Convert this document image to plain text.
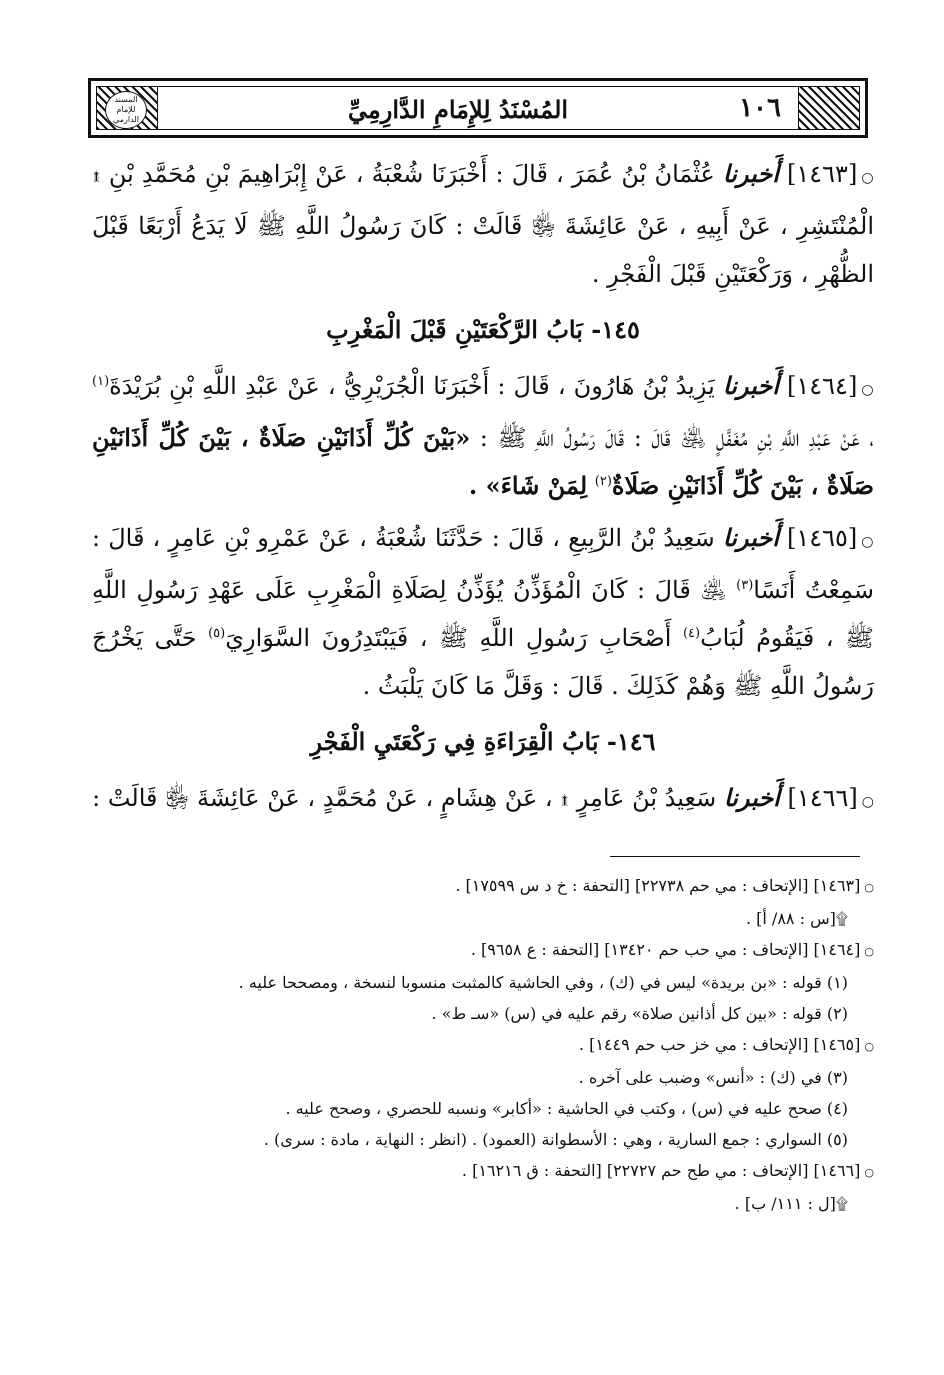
المسند للإمام الدارمي	١٠٦
المُسْنَدُ لِلإِمَامِ الدَّارِمِيِّ

○ [١٤٦٣] أَخبرنا عُثْمَانُ بْنُ عُمَرَ ، قَالَ : أَخْبَرَنَا شُعْبَةُ ، عَنْ إِبْرَاهِيمَ بْنِ مُحَمَّدِ بْنِ ۩ الْمُنْتَشِرِ ، عَنْ أَبِيهِ ، عَنْ عَائِشَةَ ﵂ قَالَتْ : كَانَ رَسُولُ اللَّهِ ﷺ لَا يَدَعُ أَرْبَعًا قَبْلَ الظُّهْرِ ، وَرَكْعَتَيْنِ قَبْلَ الْفَجْرِ .

١٤٥- بَابُ الرَّكْعَتَيْنِ قَبْلَ الْمَغْرِبِ

○ [١٤٦٤] أَخبرنا يَزِيدُ بْنُ هَارُونَ ، قَالَ : أَخْبَرَنَا الْجُرَيْرِيُّ ، عَنْ عَبْدِ اللَّهِ بْنِ بُرَيْدَةَ$^{(١)}$ ، عَنْ عَبْدِ اللَّهِ بْنِ مُغَفَّلٍ ﵁ قَالَ : قَالَ رَسُولُ اللَّهِ ﷺ : «بَيْنَ كُلِّ أَذَانَيْنِ صَلَاةٌ ، بَيْنَ كُلِّ أَذَانَيْنِ صَلَاةٌ ، بَيْنَ كُلِّ أَذَانَيْنِ صَلَاةٌ$^{(٢)}$ لِمَنْ شَاءَ» .

○ [١٤٦٥] أَخبرنا سَعِيدُ بْنُ الرَّبِيعِ ، قَالَ : حَدَّثَنَا شُعْبَةُ ، عَنْ عَمْرِو بْنِ عَامِرٍ ، قَالَ : سَمِعْتُ أَنَسًا$^{(٣)}$ ﵁ قَالَ : كَانَ الْمُؤَذِّنُ يُؤَذِّنُ لِصَلَاةِ الْمَغْرِبِ عَلَى عَهْدِ رَسُولِ اللَّهِ ﷺ ، فَيَقُومُ لُبَابُ$^{(٤)}$ أَصْحَابِ رَسُولِ اللَّهِ ﷺ ، فَيَبْتَدِرُونَ السَّوَارِيَ$^{(٥)}$ حَتَّى يَخْرُجَ رَسُولُ اللَّهِ ﷺ وَهُمْ كَذَلِكَ . قَالَ : وَقَلَّ مَا كَانَ يَلْبَثُ .

١٤٦- بَابُ الْقِرَاءَةِ فِي رَكْعَتَيِ الْفَجْرِ

○ [١٤٦٦] أَخبرنا سَعِيدُ بْنُ عَامِرٍ ۩ ، عَنْ هِشَامٍ ، عَنْ مُحَمَّدٍ ، عَنْ عَائِشَةَ ﵂ قَالَتْ :

○ [١٤٦٣] [الإتحاف : مي حم ٢٢٧٣٨] [التحفة : خ د س ١٧٥٩٩] .

۩[س : ٨٨/ أ] .

○ [١٤٦٤] [الإتحاف : مي حب حم ١٣٤٢٠] [التحفة : ع ٩٦٥٨] .

(١) قوله : «بن بريدة» ليس في (ك) ، وفي الحاشية كالمثبت منسوبا لنسخة ، ومصححا عليه .

(٢) قوله : «بين كل أذانين صلاة» رقم عليه في (س) «سـ ط» .

○ [١٤٦٥] [الإتحاف : مي خز حب حم ١٤٤٩] .

(٣) في (ك) : «أنس» وضبب على آخره .

(٤) صحح عليه في (س) ، وكتب في الحاشية : «أكابر» ونسبه للحصري ، وصحح عليه .

(٥) السواري : جمع السارية ، وهي : الأسطوانة (العمود) . (انظر : النهاية ، مادة : سرى) .

○ [١٤٦٦] [الإتحاف : مي طح حم ٢٢٧٢٧] [التحفة : ق ١٦٢١٦] .

۩[ل : ١١١/ ب] .
